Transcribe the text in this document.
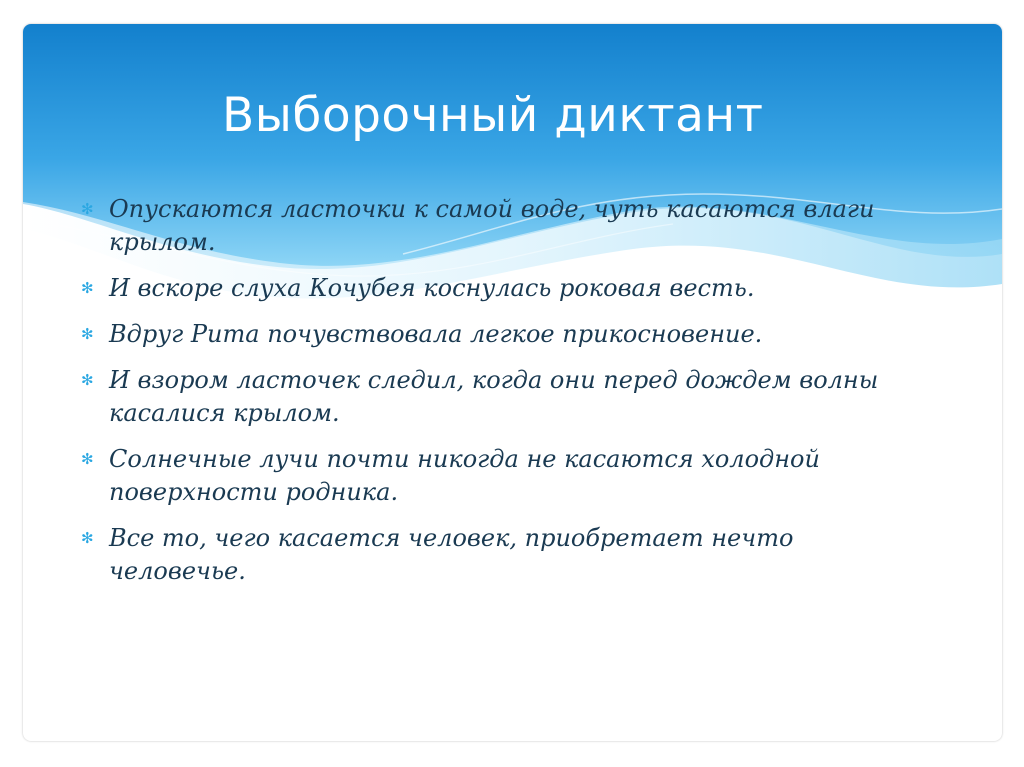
Выборочный диктант
✻ Опускаются ласточки к самой воде, чуть касаются влаги крылом.
✻ И вскоре слуха Кочубея коснулась роковая весть.
✻ Вдруг Рита почувствовала легкое прикосновение.
✻ И взором ласточек следил, когда они перед дождем волны касалися крылом.
✻ Солнечные лучи почти никогда не касаются холодной поверхности родника.
✻ Все то, чего касается человек, приобретает нечто человечье.
